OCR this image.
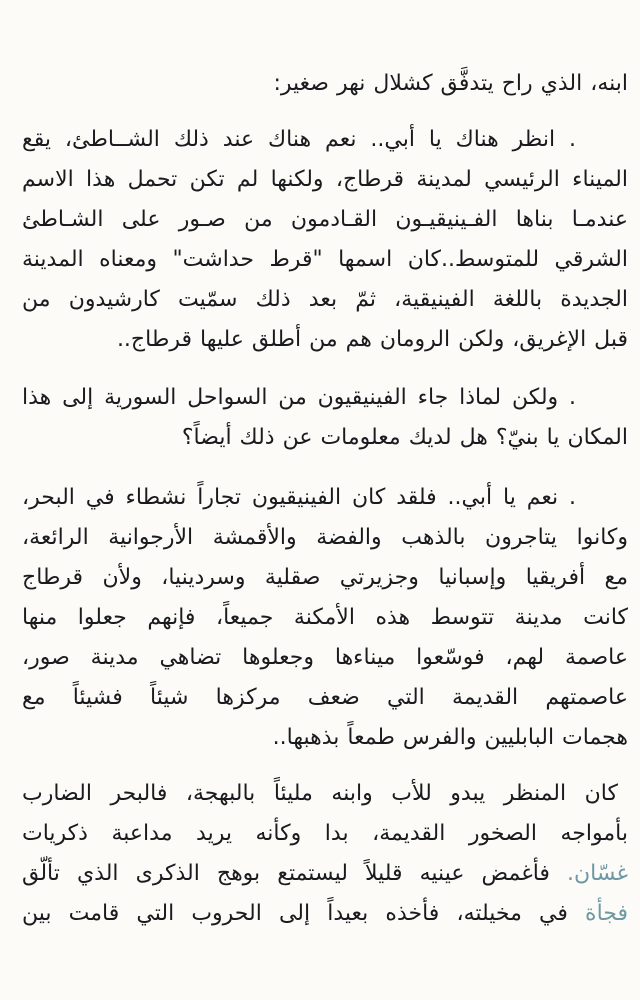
ابنه، الذي راح يتدفَّق كشلال نهر صغير:
. انظر هناك يا أبي.. نعم هناك عند ذلك الشــاطئ، يقع
الميناء الرئيسي لمدينة قرطاج، ولكنها لم تكن تحمل هذا الاسم
عندمـا بناها الفـينيقيـون القـادمون من صـور على الشـاطئ
الشرقي للمتوسط..كان اسمها "قرط حداشت" ومعناه المدينة
الجديدة باللغة الفينيقية، ثمّ بعد ذلك سمّيت كارشيدون من
قبل الإغريق، ولكن الرومان هم من أطلق عليها قرطاج..
. ولكن لماذا جاء الفينيقيون من السواحل السورية إلى هذا
المكان يا بنيّ؟ هل لديك معلومات عن ذلك أيضاً؟
. نعم يا أبي.. فلقد كان الفينيقيون تجاراً نشطاء في البحر،
وكانوا يتاجرون بالذهب والفضة والأقمشة الأرجوانية الرائعة،
مع أفريقيا وإسبانيا وجزيرتي صقلية وسردينيا، ولأن قرطاج
كانت مدينة تتوسط هذه الأمكنة جميعاً، فإنهم جعلوا منها
عاصمة لهم، فوسّعوا ميناءها وجعلوها تضاهي مدينة صور،
عاصمتهم القديمة التي ضعف مركزها شيئاً فشيئاً مع
هجمات البابليين والفرس طمعاً بذهبها..
كان المنظر يبدو للأب وابنه مليئاً بالبهجة، فالبحر الضارب
بأمواجه الصخور القديمة، بدا وكأنه يريد مداعبة ذكريات
غسّان. فأغمض عينيه قليلاً ليستمتع بوهج الذكرى الذي تألّق
فجأة في مخيلته، فأخذه بعيداً إلى الحروب التي قامت بين
